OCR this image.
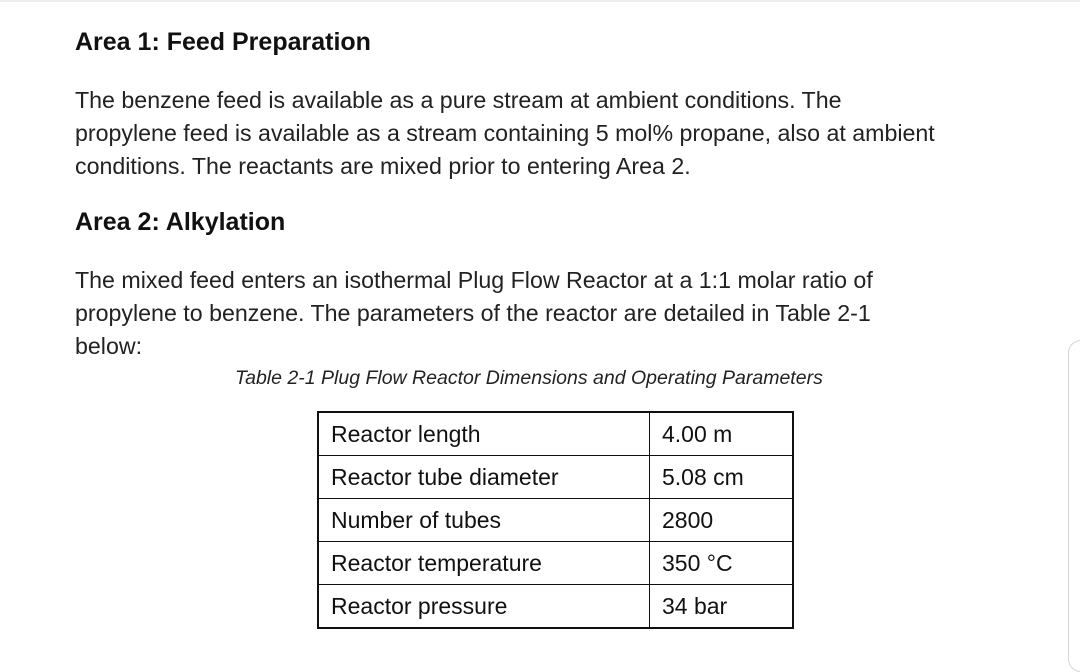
Area 1: Feed Preparation

The benzene feed is available as a pure stream at ambient conditions. The
propylene feed is available as a stream containing 5 mol% propane, also at ambient
conditions. The reactants are mixed prior to entering Area 2.

Area 2: Alkylation

The mixed feed enters an isothermal Plug Flow Reactor at a 1:1 molar ratio of
propylene to benzene. The parameters of the reactor are detailed in Table 2-1
below:

Table 2-1 Plug Flow Reactor Dimensions and Operating Parameters

Reactor length	4.00 m
Reactor tube diameter	5.08 cm
Number of tubes	2800
Reactor temperature	350 °C
Reactor pressure	34 bar
